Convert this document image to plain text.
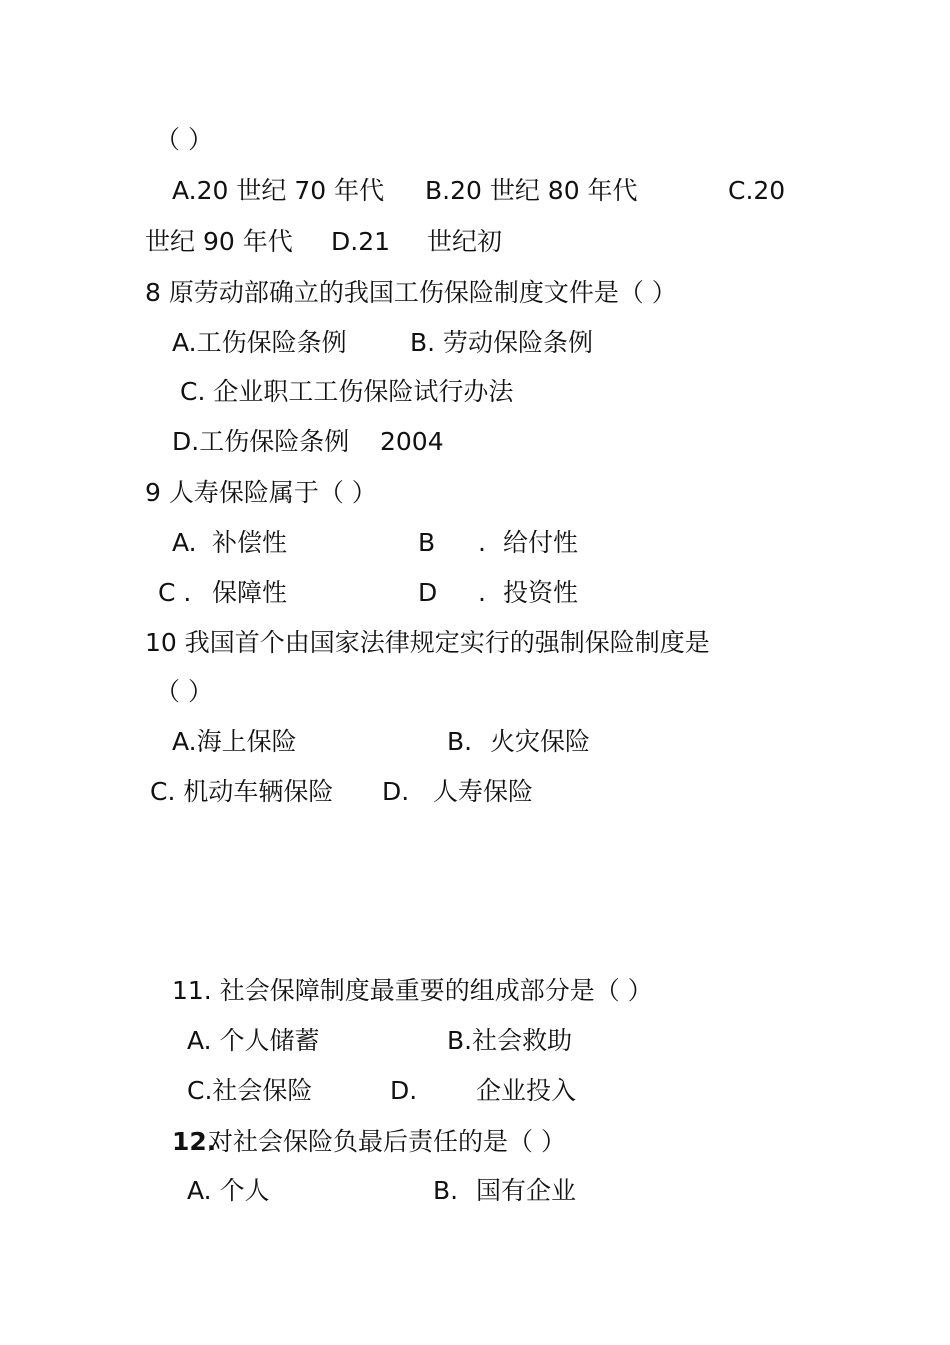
（ ）
A.20 世纪 70 年代 B.20 世纪 80 年代	C.20
世纪 90 年代 D.21 世纪初
8 原劳动部确立的我国工伤保险制度文件是（ ）
A.工伤保险条例	B. 劳动保险条例
C. 企业职工工伤保险试行办法
D.工伤保险条例 2004
9 人寿保险属于（ ）
A. 补偿性	B . 给付性
C . 保障性	D . 投资性
10 我国首个由国家法律规定实行的强制保险制度是
（ ）
A.海上保险	B. 火灾保险
C. 机动车辆保险 D. 人寿保险
11. 社会保障制度最重要的组成部分是（ ）
A. 个人储蓄	B.社会救助
C.社会保险	D. 企业投入
12.
对社会保险负最后责任的是（ ）
A. 个人	B. 国有企业
